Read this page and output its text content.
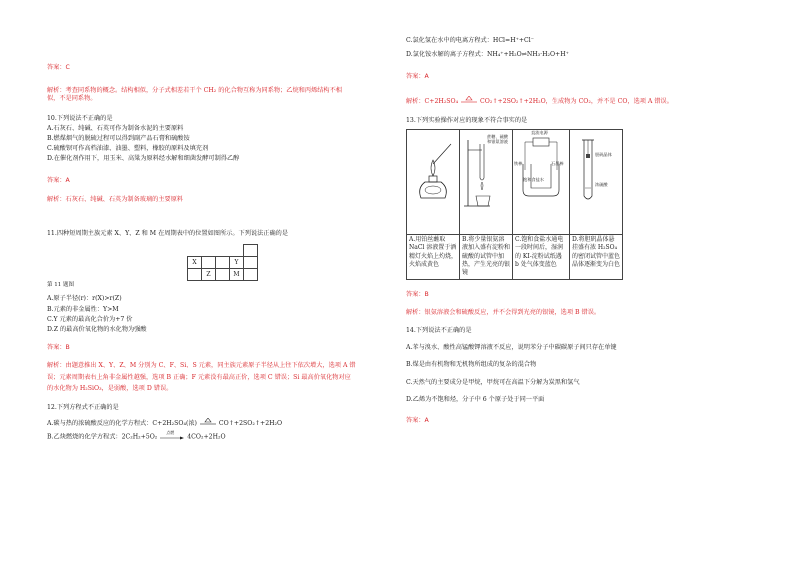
答案：C

解析：考查同系物的概念。结构相似，分子式相差若干个 CH₂ 的化合物互称为同系物；乙烷和丙烯结构不相

似，不是同系物。

10.下列说法不正确的是

A.石灰石、纯碱、石英可作为制备水泥的主要原料

B.燃煤烟气的脱硫过程可以得到副产品石膏和硫酸铵

C.硫酸钡可作高档油漆、油墨、塑料，橡胶的原料及填充剂

D.在催化剂作用下，用玉米、高粱为原料经水解和细菌发酵可制得乙醇

答案：A

解析：石灰石、纯碱、石英为制备玻璃的主要原料

11.四种短周期主族元素 X、Y、Z 和 M 在周期表中的位置如图所示。下列说法正确的是

X			Y	
	Z		M	

第 11 题图

A.原子半径(r)：r(X)>r(Z)

B.元素的非金属性：Y>M

C.Y 元素的最高化合价为+7 价

D.Z 的最高价氧化物的水化物为强酸

答案：B

解析：由题意推出 X、Y、Z、M 分别为 C、F、Si、S 元素，同主族元素原子半径从上往下依次增大，选项 A 错

误；元素周期表右上角非金属性越强，选项 B 正确；F 元素没有最高正价，选项 C 错误；Si 最高价氧化物对应

的水化物为 H₂SiO₃，是弱酸，选项 D 错误。

12.下列方程式不正确的是

A.碳与热的浓硫酸反应的化学方程式：C+2H₂SO₄(浓)	CO↑+2SO₂↑+2H₂O

B.乙炔燃烧的化学方程式：2C₂H₂+5O₂
点燃
4CO₂+2H₂O

C.氯化氢在水中的电离方程式：HCl=H⁺+Cl⁻

D.氯化铵水解的离子方程式：NH₄⁺+H₂O⇌NH₃·H₂O+H⁺

答案：A

解析：C+2H₂SO₄	CO₂↑+2SO₂↑+2H₂O，生成物为 CO₂，并不是 CO，选项 A 错误。

13.下列实验操作对应的现象不符合事实的是

蔗糖、硫酸
和银氨溶液	直流电源
铁棒 石墨棒
饱和食盐水	胆矾晶体
浓硫酸

A.用铂丝蘸取 NaCl 溶液置于酒精灯火焰上灼烧，火焰成黄色	B.将少量银氨溶液加入盛有淀粉和硫酸的试管中加热，产生光亮的银镜	C.饱和食盐水通电一段时间后，湿润的 KI-淀粉试纸遇 b 处气体变蓝色	D.将胆矾晶体悬挂盛有浓 H₂SO₄ 的密闭试管中蓝色晶体逐渐变为白色

答案：B

解析：银氨溶液会和硫酸反应，并不会得到光亮的银镜，选项 B 错误。

14.下列说法不正确的是

A.苯与溴水、酸性高锰酸钾溶液不反应，说明苯分子中碳碳原子间只存在单键

B.煤是由有机物和无机物所组成的复杂的混合物

C.天然气的主要成分是甲烷，甲烷可在高温下分解为炭黑和氢气

D.乙烯为不饱和烃，分子中 6 个原子处于同一平面

答案：A
